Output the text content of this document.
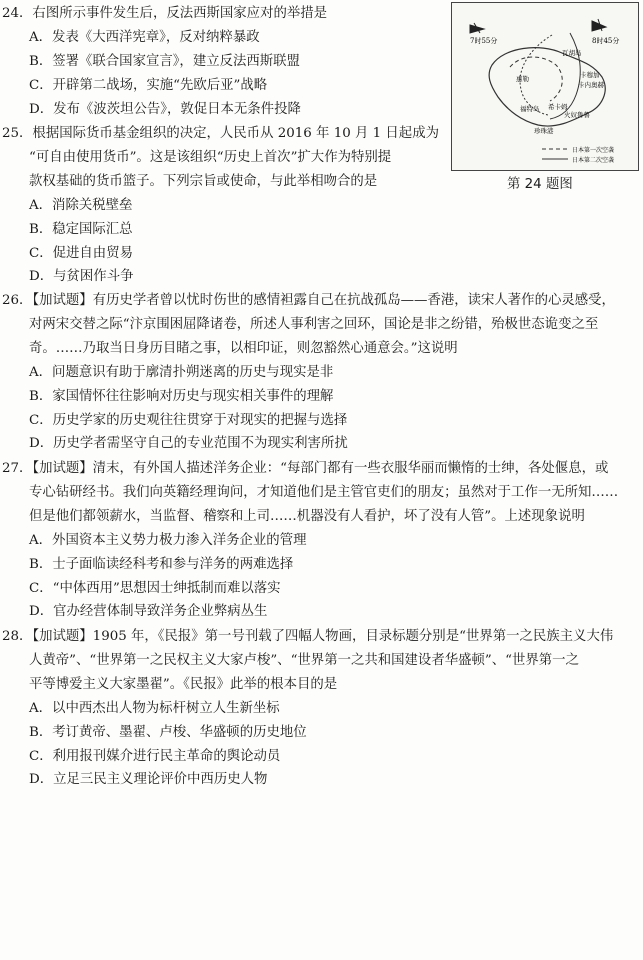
24．右图所示事件发生后，反法西斯国家应对的举措是
A．发表《大西洋宪章》，反对纳粹暴政
B．签署《联合国家宣言》，建立反法西斯联盟
C．开辟第二战场，实施“先欧后亚”战略
D．发布《波茨坦公告》，敦促日本无条件投降
25．根据国际货币基金组织的决定，人民币从 2016 年 10 月 1 日起成为
“可自由使用货币”。这是该组织“历史上首次”扩大作为特别提
款权基础的货币篮子。下列宗旨或使命，与此举相吻合的是
A．消除关税壁垒
B．稳定国际汇总
C．促进自由贸易
D．与贫困作斗争
26．【加试题】有历史学者曾以忧时伤世的感情袒露自己在抗战孤岛——香港，读宋人著作的心灵感受，
对两宋交替之际“汴京围困屈降诸卷，所述人事利害之回环，国论是非之纷错，殆极世态诡变之至
奇。……乃取当日身历目睹之事，以相印证，则忽豁然心通意会。”这说明
A．问题意识有助于廓清扑朔迷离的历史与现实是非
B．家国情怀往往影响对历史与现实相关事件的理解
C．历史学家的历史观往往贯穿于对现实的把握与选择
D．历史学者需坚守自己的专业范围不为现实利害所扰
27．【加试题】清末，有外国人描述洋务企业：“每部门都有一些衣服华丽而懒惰的士绅，各处偃息，或
专心钻研经书。我们向英籍经理询问，才知道他们是主管官吏们的朋友；虽然对于工作一无所知……
但是他们都领薪水，当监督、稽察和上司……机器没有人看护，坏了没有人管”。上述现象说明
A．外国资本主义势力极力渗入洋务企业的管理
B．士子面临读经科考和参与洋务的两难选择
C．“中体西用”思想因士绅抵制而难以落实
D．官办经营体制导致洋务企业弊病丛生
28．【加试题】1905 年，《民报》第一号刊载了四幅人物画，目录标题分别是“世界第一之民族主义大伟
人黄帝”、“世界第一之民权主义大家卢梭”、“世界第一之共和国建设者华盛顿”、“世界第一之
平等博爱主义大家墨翟”。《民报》此举的根本目的是
A．以中西杰出人物为标杆树立人生新坐标
B．考订黄帝、墨翟、卢梭、华盛顿的历史地位
C．利用报刊媒介进行民主革命的舆论动员
D．立足三民主义理论评价中西历史人物
7时55分	8时45分
瓦胡岛
惠勒	卡穆加
卡内奥赫
福特岛 希卡姆
火奴鲁鲁
珍珠港
日本第一次空袭
日本第二次空袭
第 24 题图
